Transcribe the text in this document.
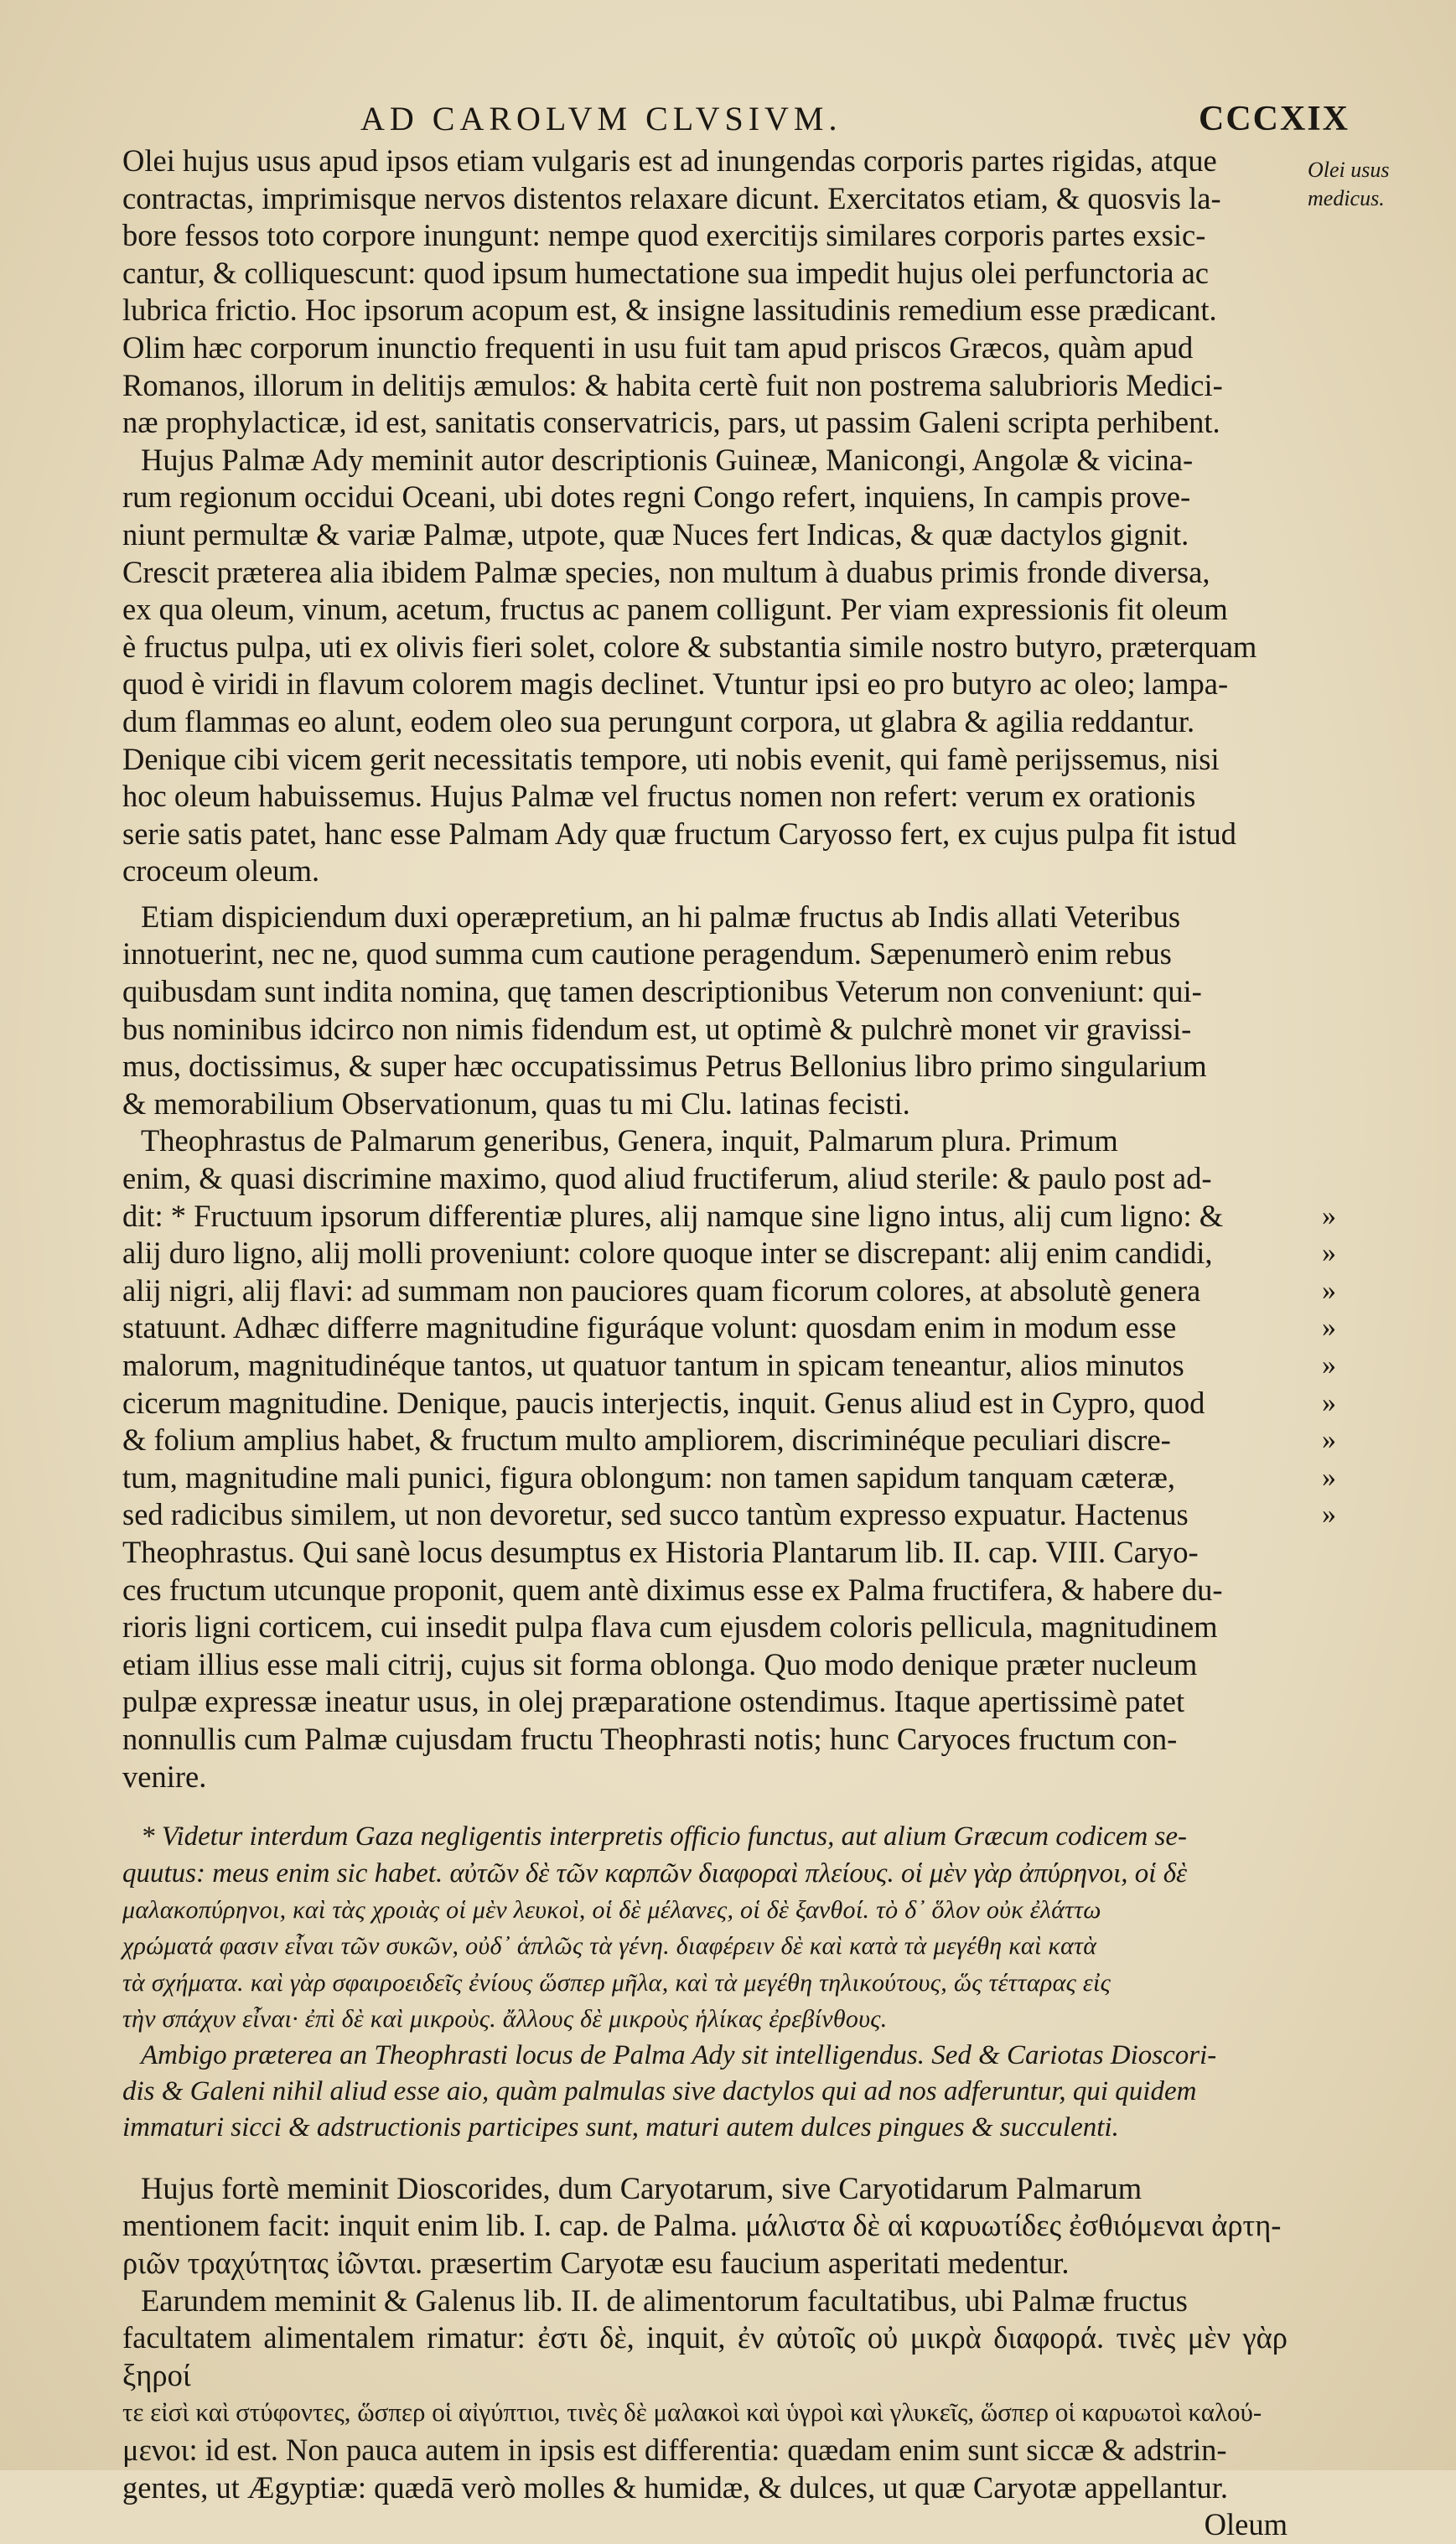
AD CAROLVM CLVSIVM.	CCCXIX
Olei usus
medicus.

Olei hujus usus apud ipsos etiam vulgaris est ad inungendas corporis partes rigidas, atque

contractas, imprimisque nervos distentos relaxare dicunt. Exercitatos etiam, & quosvis la-

bore fessos toto corpore inungunt: nempe quod exercitijs similares corporis partes exsic-

cantur, & colliquescunt: quod ipsum humectatione sua impedit hujus olei perfunctoria ac

lubrica frictio. Hoc ipsorum acopum est, & insigne lassitudinis remedium esse prædicant.

Olim hæc corporum inunctio frequenti in usu fuit tam apud priscos Græcos, quàm apud

Romanos, illorum in delitijs æmulos: & habita certè fuit non postrema salubrioris Medici-

næ prophylacticæ, id est, sanitatis conservatricis, pars, ut passim Galeni scripta perhibent.

Hujus Palmæ Ady meminit autor descriptionis Guineæ, Manicongi, Angolæ & vicina-

rum regionum occidui Oceani, ubi dotes regni Congo refert, inquiens, In campis prove-

niunt permultæ & variæ Palmæ, utpote, quæ Nuces fert Indicas, & quæ dactylos gignit.

Crescit præterea alia ibidem Palmæ species, non multum à duabus primis fronde diversa,

ex qua oleum, vinum, acetum, fructus ac panem colligunt. Per viam expressionis fit oleum

è fructus pulpa, uti ex olivis fieri solet, colore & substantia simile nostro butyro, præterquam

quod è viridi in flavum colorem magis declinet. Vtuntur ipsi eo pro butyro ac oleo; lampa-

dum flammas eo alunt, eodem oleo sua perungunt corpora, ut glabra & agilia reddantur.

Denique cibi vicem gerit necessitatis tempore, uti nobis evenit, qui famè perijssemus, nisi

hoc oleum habuissemus. Hujus Palmæ vel fructus nomen non refert: verum ex orationis

serie satis patet, hanc esse Palmam Ady quæ fructum Caryosso fert, ex cujus pulpa fit istud

croceum oleum.

Etiam dispiciendum duxi operæpretium, an hi palmæ fructus ab Indis allati Veteribus

innotuerint, nec ne, quod summa cum cautione peragendum. Sæpenumerò enim rebus

quibusdam sunt indita nomina, quę tamen descriptionibus Veterum non conveniunt: qui-

bus nominibus idcirco non nimis fidendum est, ut optimè & pulchrè monet vir gravissi-

mus, doctissimus, & super hæc occupatissimus Petrus Bellonius libro primo singularium

& memorabilium Observationum, quas tu mi Clu. latinas fecisti.

Theophrastus de Palmarum generibus, Genera, inquit, Palmarum plura. Primum

enim, & quasi discrimine maximo, quod aliud fructiferum, aliud sterile: & paulo post ad-

dit: * Fructuum ipsorum differentiæ plures, alij namque sine ligno intus, alij cum ligno: &	»

alij duro ligno, alij molli proveniunt: colore quoque inter se discrepant: alij enim candidi,	»

alij nigri, alij flavi: ad summam non pauciores quam ficorum colores, at absolutè genera	»

statuunt. Adhæc differre magnitudine figuráque volunt: quosdam enim in modum esse	»

malorum, magnitudinéque tantos, ut quatuor tantum in spicam teneantur, alios minutos	»

cicerum magnitudine. Denique, paucis interjectis, inquit. Genus aliud est in Cypro, quod	»

& folium amplius habet, & fructum multo ampliorem, discriminéque peculiari discre-	»

tum, magnitudine mali punici, figura oblongum: non tamen sapidum tanquam cæteræ,	»

sed radicibus similem, ut non devoretur, sed succo tantùm expresso expuatur. Hactenus	»

Theophrastus. Qui sanè locus desumptus ex Historia Plantarum lib. II. cap. VIII. Caryo-

ces fructum utcunque proponit, quem antè diximus esse ex Palma fructifera, & habere du-

rioris ligni corticem, cui insedit pulpa flava cum ejusdem coloris pellicula, magnitudinem

etiam illius esse mali citrij, cujus sit forma oblonga. Quo modo denique præter nucleum

pulpæ expressæ ineatur usus, in olej præparatione ostendimus. Itaque apertissimè patet

nonnullis cum Palmæ cujusdam fructu Theophrasti notis; hunc Caryoces fructum con-

venire.

* Videtur interdum Gaza negligentis interpretis officio functus, aut alium Græcum codicem se-

quutus: meus enim sic habet. αὐτῶν δὲ τῶν καρπῶν διαφοραὶ πλείους. οἱ μὲν γὰρ ἀπύρηνοι, οἱ δὲ

μαλακοπύρηνοι, καὶ τὰς χροιὰς οἱ μὲν λευκοὶ, οἱ δὲ μέλανες, οἱ δὲ ξανθοί. τὸ δ᾽ ὅλον οὐκ ἐλάττω

χρώματά φασιν εἶναι τῶν συκῶν, οὐδ᾽ ἁπλῶς τὰ γένη. διαφέρειν δὲ καὶ κατὰ τὰ μεγέθη καὶ κατὰ

τὰ σχήματα. καὶ γὰρ σφαιροειδεῖς ἐνίους ὥσπερ μῆλα, καὶ τὰ μεγέθη τηλικούτους, ὥς τέτταρας εἰς

τὴν σπάχυν εἶναι· ἐπὶ δὲ καὶ μικροὺς. ἄλλους δὲ μικροὺς ἡλίκας ἐρεβίνθους.

Ambigo præterea an Theophrasti locus de Palma Ady sit intelligendus. Sed & Cariotas Dioscori-

dis & Galeni nihil aliud esse aio, quàm palmulas sive dactylos qui ad nos adferuntur, qui quidem

immaturi sicci & adstructionis participes sunt, maturi autem dulces pingues & succulenti.

Hujus fortè meminit Dioscorides, dum Caryotarum, sive Caryotidarum Palmarum

mentionem facit: inquit enim lib. I. cap. de Palma. μάλιστα δὲ αἱ καρυωτίδες ἐσθιόμεναι ἀρτη-

ριῶν τραχύτητας ἰῶνται. præsertim Caryotæ esu faucium asperitati medentur.

Earundem meminit & Galenus lib. II. de alimentorum facultatibus, ubi Palmæ fructus

facultatem alimentalem rimatur: ἐστι δὲ, inquit, ἐν αὐτοῖς οὐ μικρὰ διαφορά. τινὲς μὲν γὰρ ξηροί

τε εἰσὶ καὶ στύφοντες, ὥσπερ οἱ αἰγύπτιοι, τινὲς δὲ μαλακοὶ καὶ ὑγροὶ καὶ γλυκεῖς, ὥσπερ οἱ καρυωτοὶ καλού-

μενοι: id est. Non pauca autem in ipsis est differentia: quædam enim sunt siccæ & adstrin-

gentes, ut Ægyptiæ: quædā verò molles & humidæ, & dulces, ut quæ Caryotæ appellantur.

Oleum
